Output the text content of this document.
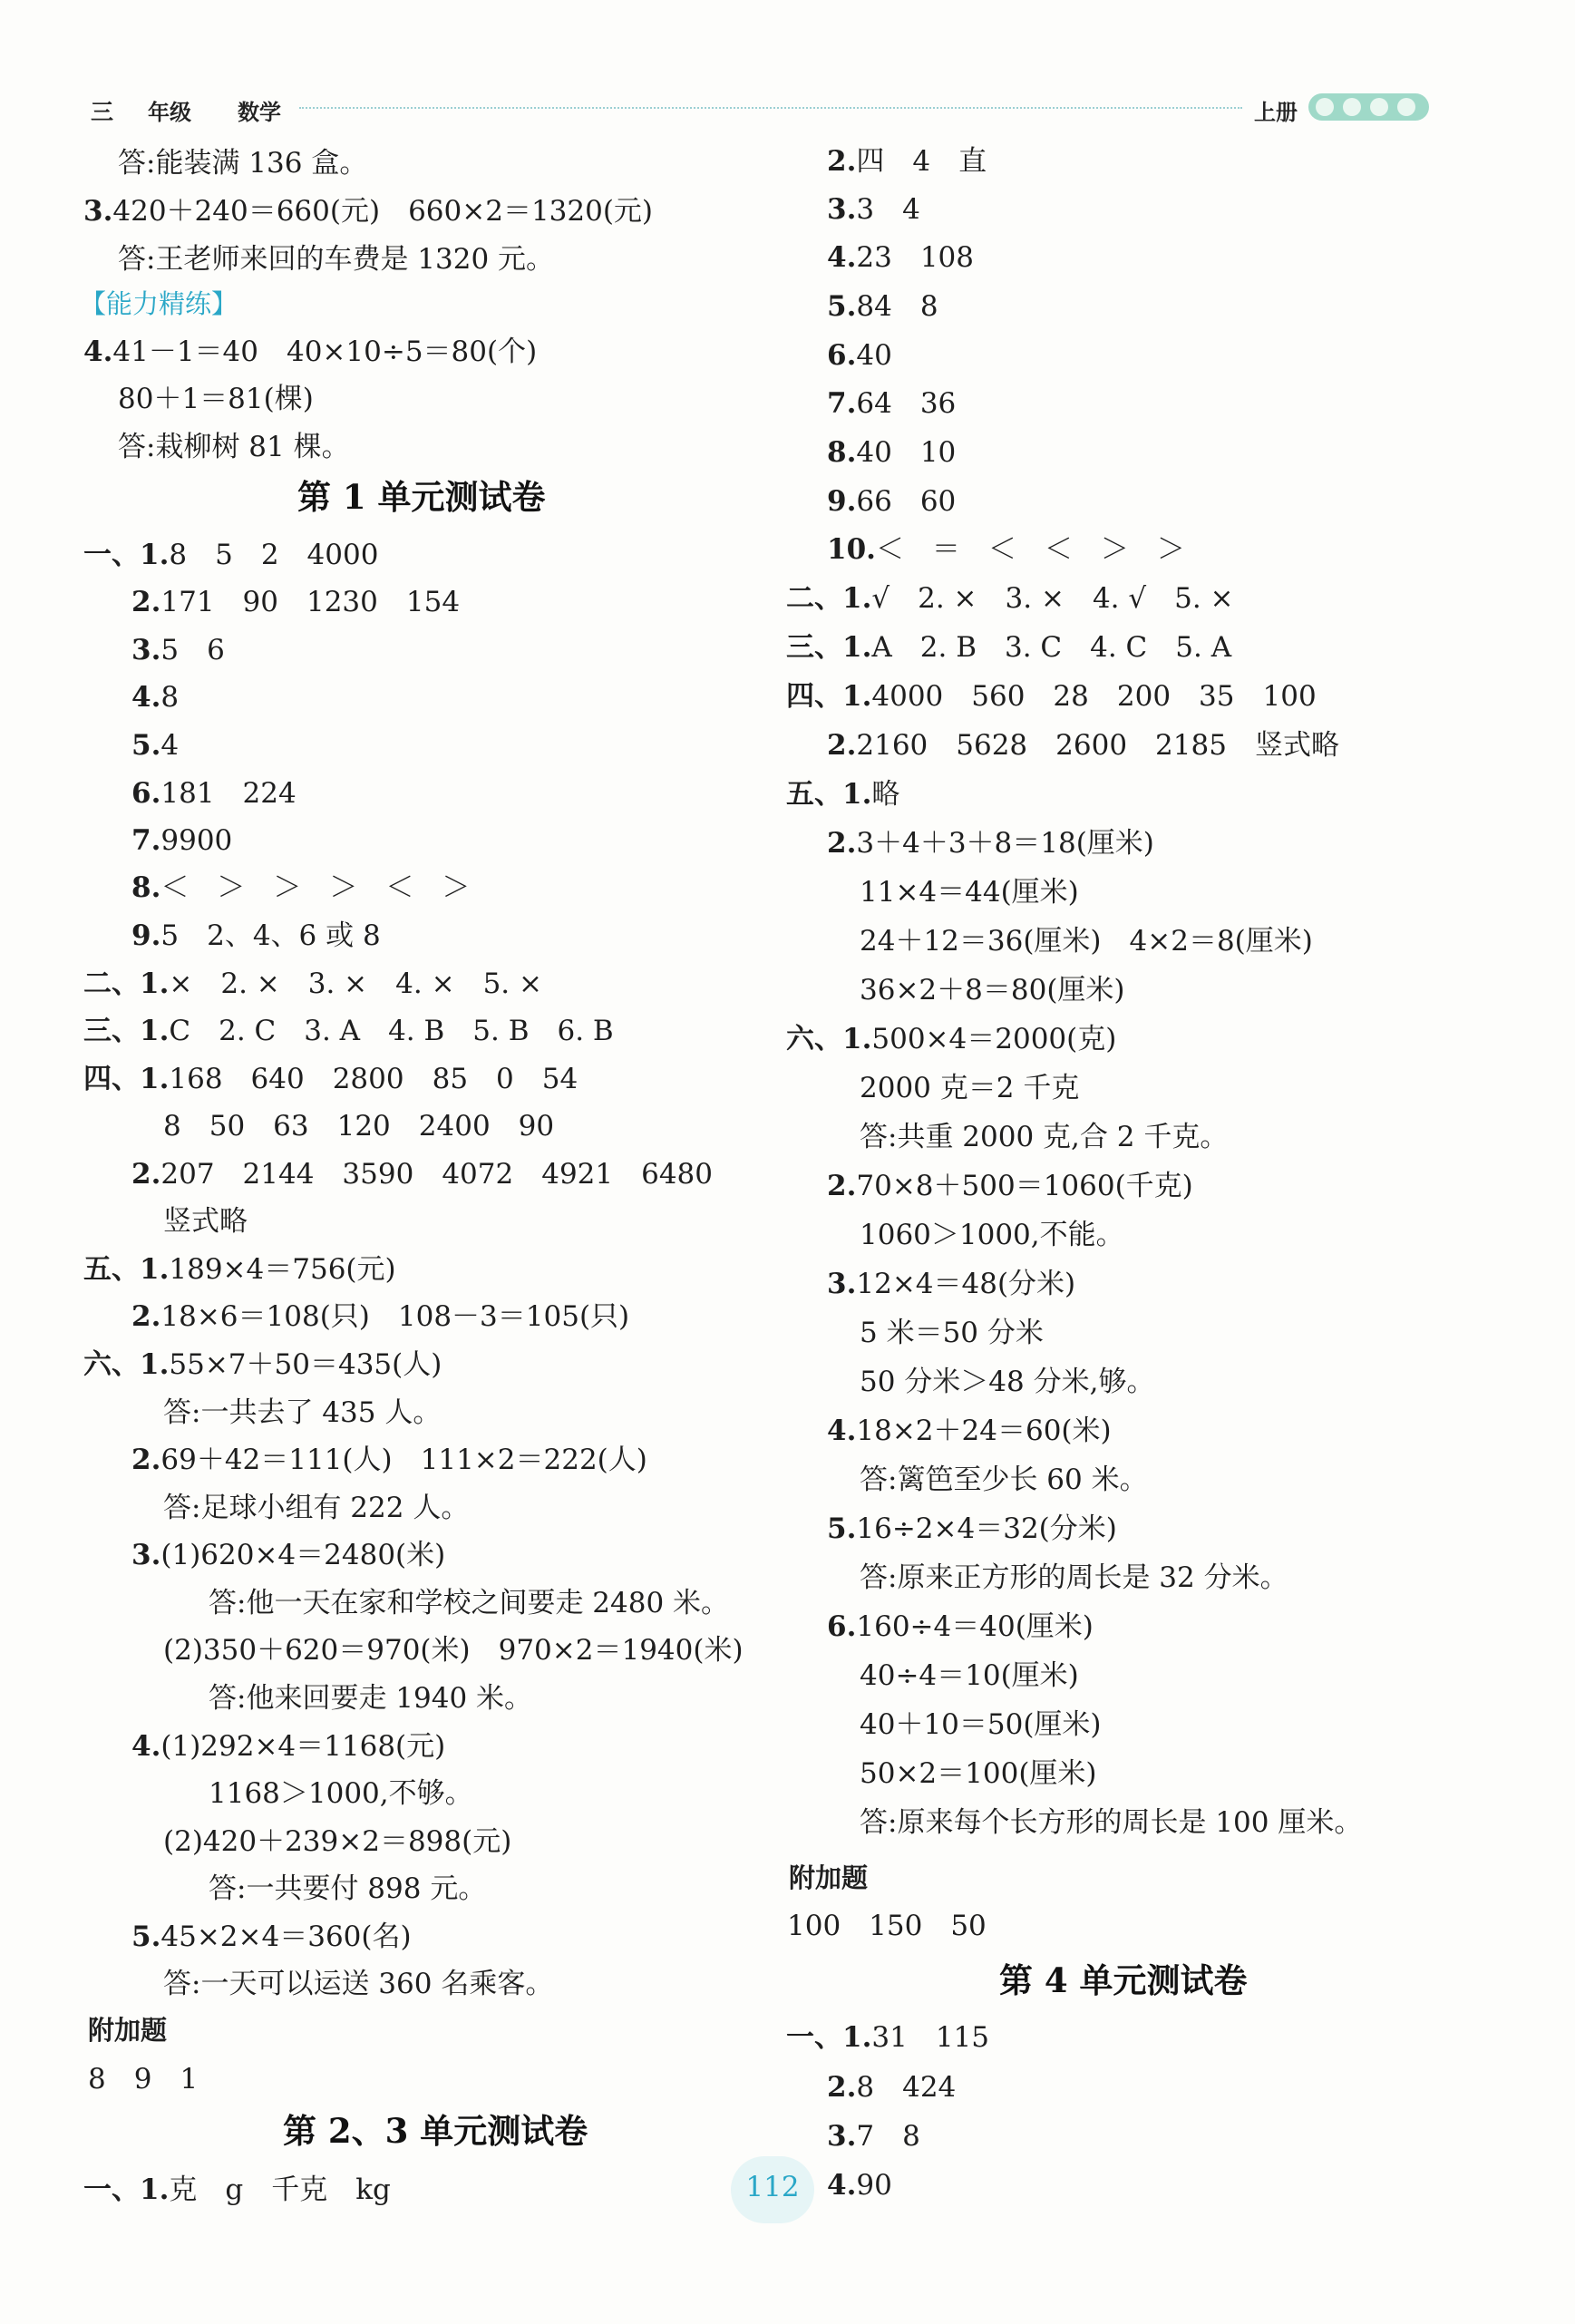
三 年级 数学	上册
答:能装满 136 盒。
3.420＋240＝660(元)　660×2＝1320(元)
答:王老师来回的车费是 1320 元。
【能力精练】
4.41－1＝40　40×10÷5＝80(个)
80＋1＝81(棵)
答:栽柳树 81 棵。
第 1 单元测试卷
一、1.8　5　2　4000
2.171　90　1230　154
3.5　6
4.8
5.4
6.181　224
7.9900
8.＜　＞　＞　＞　＜　＞
9.5　2、4、6 或 8
二、1.×　2. ×　3. ×　4. ×　5. ×
三、1.C　2. C　3. A　4. B　5. B　6. B
四、1.168　640　2800　85　0　54
8　50　63　120　2400　90
2.207　2144　3590　4072　4921　6480
竖式略
五、1.189×4＝756(元)
2.18×6＝108(只)　108－3＝105(只)
六、1.55×7＋50＝435(人)
答:一共去了 435 人。
2.69＋42＝111(人)　111×2＝222(人)
答:足球小组有 222 人。
3.(1)620×4＝2480(米)
答:他一天在家和学校之间要走 2480 米。
(2)350＋620＝970(米)　970×2＝1940(米)
答:他来回要走 1940 米。
4.(1)292×4＝1168(元)
1168＞1000,不够。
(2)420＋239×2＝898(元)
答:一共要付 898 元。
5.45×2×4＝360(名)
答:一天可以运送 360 名乘客。
附加题
8　9　1
第 2、3 单元测试卷
一、1.克　g　千克　kg
2.四　4　直
3.3　4
4.23　108
5.84　8
6.40
7.64　36
8.40　10
9.66　60
10.＜　＝　＜　＜　＞　＞
二、1.√　2. ×　3. ×　4. √　5. ×
三、1.A　2. B　3. C　4. C　5. A
四、1.4000　560　28　200　35　100
2.2160　5628　2600　2185　竖式略
五、1.略
2.3＋4＋3＋8＝18(厘米)
11×4＝44(厘米)
24＋12＝36(厘米)　4×2＝8(厘米)
36×2＋8＝80(厘米)
六、1.500×4＝2000(克)
2000 克＝2 千克
答:共重 2000 克,合 2 千克。
2.70×8＋500＝1060(千克)
1060＞1000,不能。
3.12×4＝48(分米)
5 米＝50 分米
50 分米＞48 分米,够。
4.18×2＋24＝60(米)
答:篱笆至少长 60 米。
5.16÷2×4＝32(分米)
答:原来正方形的周长是 32 分米。
6.160÷4＝40(厘米)
40÷4＝10(厘米)
40＋10＝50(厘米)
50×2＝100(厘米)
答:原来每个长方形的周长是 100 厘米。
附加题
100　150　50
第 4 单元测试卷
一、1.31　115
2.8　424
3.7　8
4.90
112
